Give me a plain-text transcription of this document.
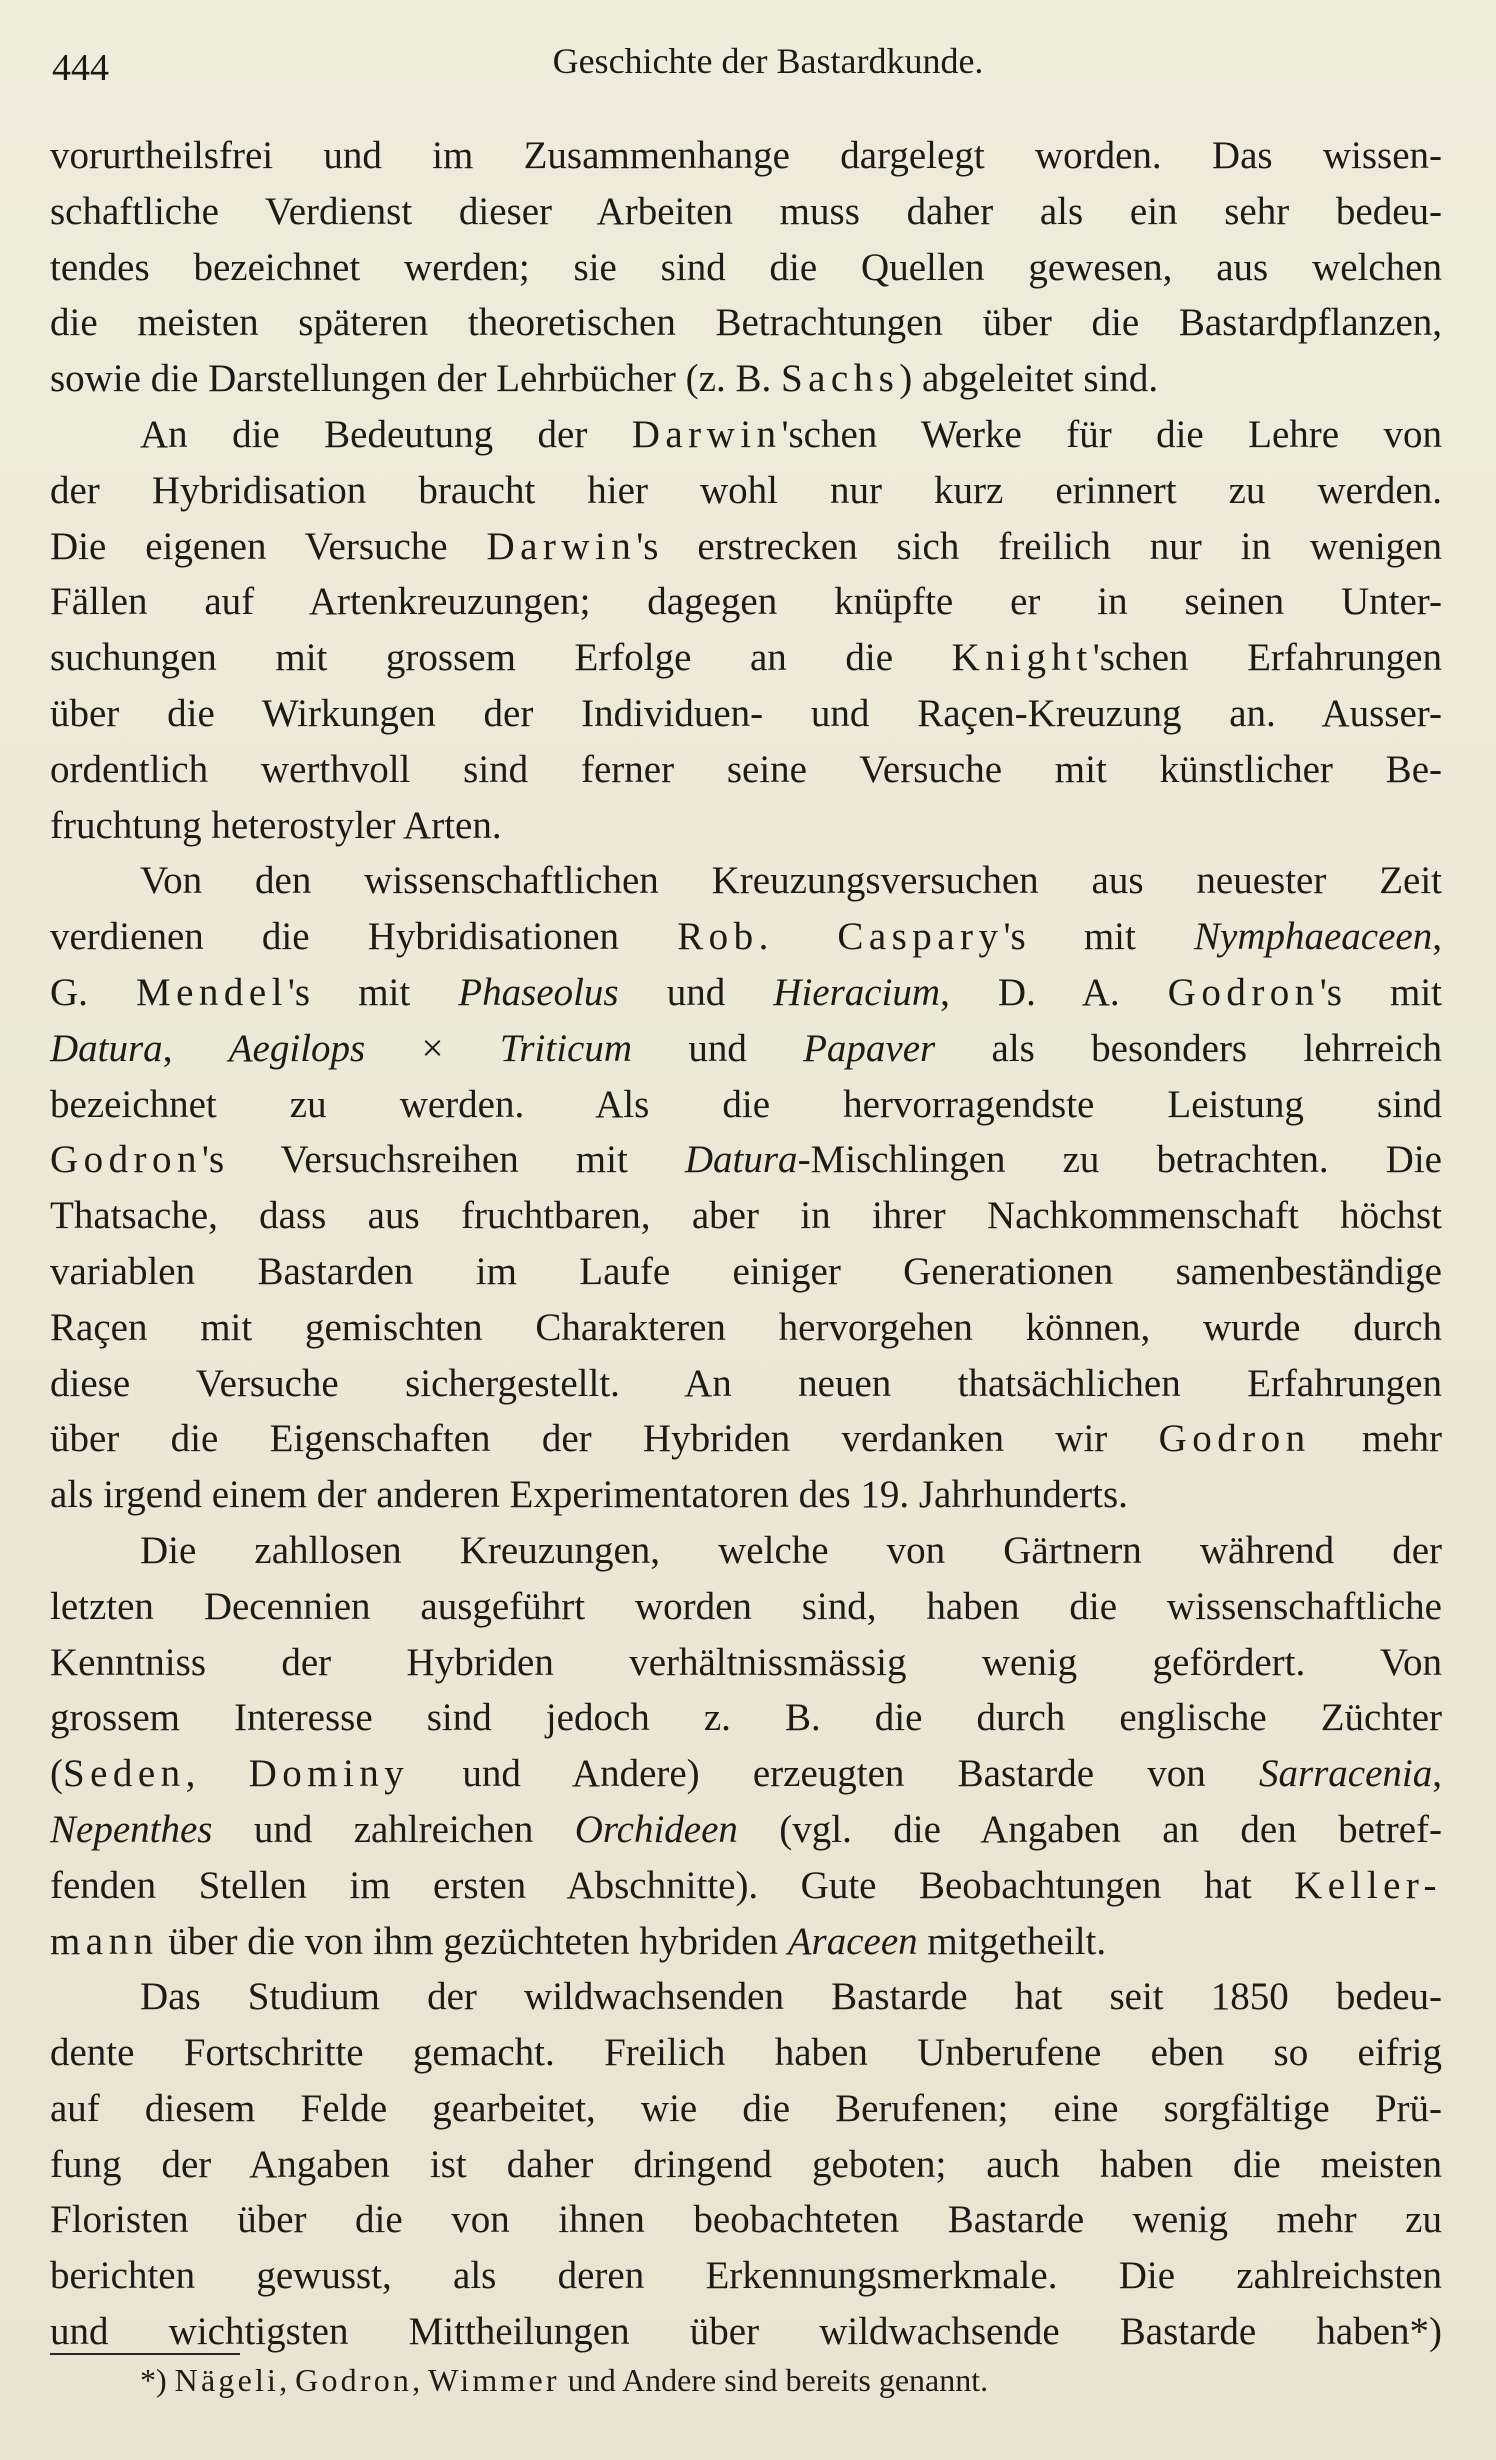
444	Geschichte der Bastardkunde.
vorurtheilsfrei und im Zusammenhange dargelegt worden. Das wissen-
schaftliche Verdienst dieser Arbeiten muss daher als ein sehr bedeu-
tendes bezeichnet werden; sie sind die Quellen gewesen, aus welchen
die meisten späteren theoretischen Betrachtungen über die Bastardpflanzen,
sowie die Darstellungen der Lehrbücher (z. B. Sachs) abgeleitet sind.
An die Bedeutung der Darwin'schen Werke für die Lehre von
der Hybridisation braucht hier wohl nur kurz erinnert zu werden.
Die eigenen Versuche Darwin's erstrecken sich freilich nur in wenigen
Fällen auf Artenkreuzungen; dagegen knüpfte er in seinen Unter-
suchungen mit grossem Erfolge an die Knight'schen Erfahrungen
über die Wirkungen der Individuen- und Raçen-Kreuzung an. Ausser-
ordentlich werthvoll sind ferner seine Versuche mit künstlicher Be-
fruchtung heterostyler Arten.
Von den wissenschaftlichen Kreuzungsversuchen aus neuester Zeit
verdienen die Hybridisationen Rob. Caspary's mit Nymphaeaceen,
G. Mendel's mit Phaseolus und Hieracium, D. A. Godron's mit
Datura, Aegilops × Triticum und Papaver als besonders lehrreich
bezeichnet zu werden. Als die hervorragendste Leistung sind
Godron's Versuchsreihen mit Datura-Mischlingen zu betrachten. Die
Thatsache, dass aus fruchtbaren, aber in ihrer Nachkommenschaft höchst
variablen Bastarden im Laufe einiger Generationen samenbeständige
Raçen mit gemischten Charakteren hervorgehen können, wurde durch
diese Versuche sichergestellt. An neuen thatsächlichen Erfahrungen
über die Eigenschaften der Hybriden verdanken wir Godron mehr
als irgend einem der anderen Experimentatoren des 19. Jahrhunderts.
Die zahllosen Kreuzungen, welche von Gärtnern während der
letzten Decennien ausgeführt worden sind, haben die wissenschaftliche
Kenntniss der Hybriden verhältnissmässig wenig gefördert. Von
grossem Interesse sind jedoch z. B. die durch englische Züchter
(Seden, Dominy und Andere) erzeugten Bastarde von Sarracenia,
Nepenthes und zahlreichen Orchideen (vgl. die Angaben an den betref-
fenden Stellen im ersten Abschnitte). Gute Beobachtungen hat Keller-
mann über die von ihm gezüchteten hybriden Araceen mitgetheilt.
Das Studium der wildwachsenden Bastarde hat seit 1850 bedeu-
dente Fortschritte gemacht. Freilich haben Unberufene eben so eifrig
auf diesem Felde gearbeitet, wie die Berufenen; eine sorgfältige Prü-
fung der Angaben ist daher dringend geboten; auch haben die meisten
Floristen über die von ihnen beobachteten Bastarde wenig mehr zu
berichten gewusst, als deren Erkennungsmerkmale. Die zahlreichsten
und wichtigsten Mittheilungen über wildwachsende Bastarde haben*)
*) Nägeli, Godron, Wimmer und Andere sind bereits genannt.
